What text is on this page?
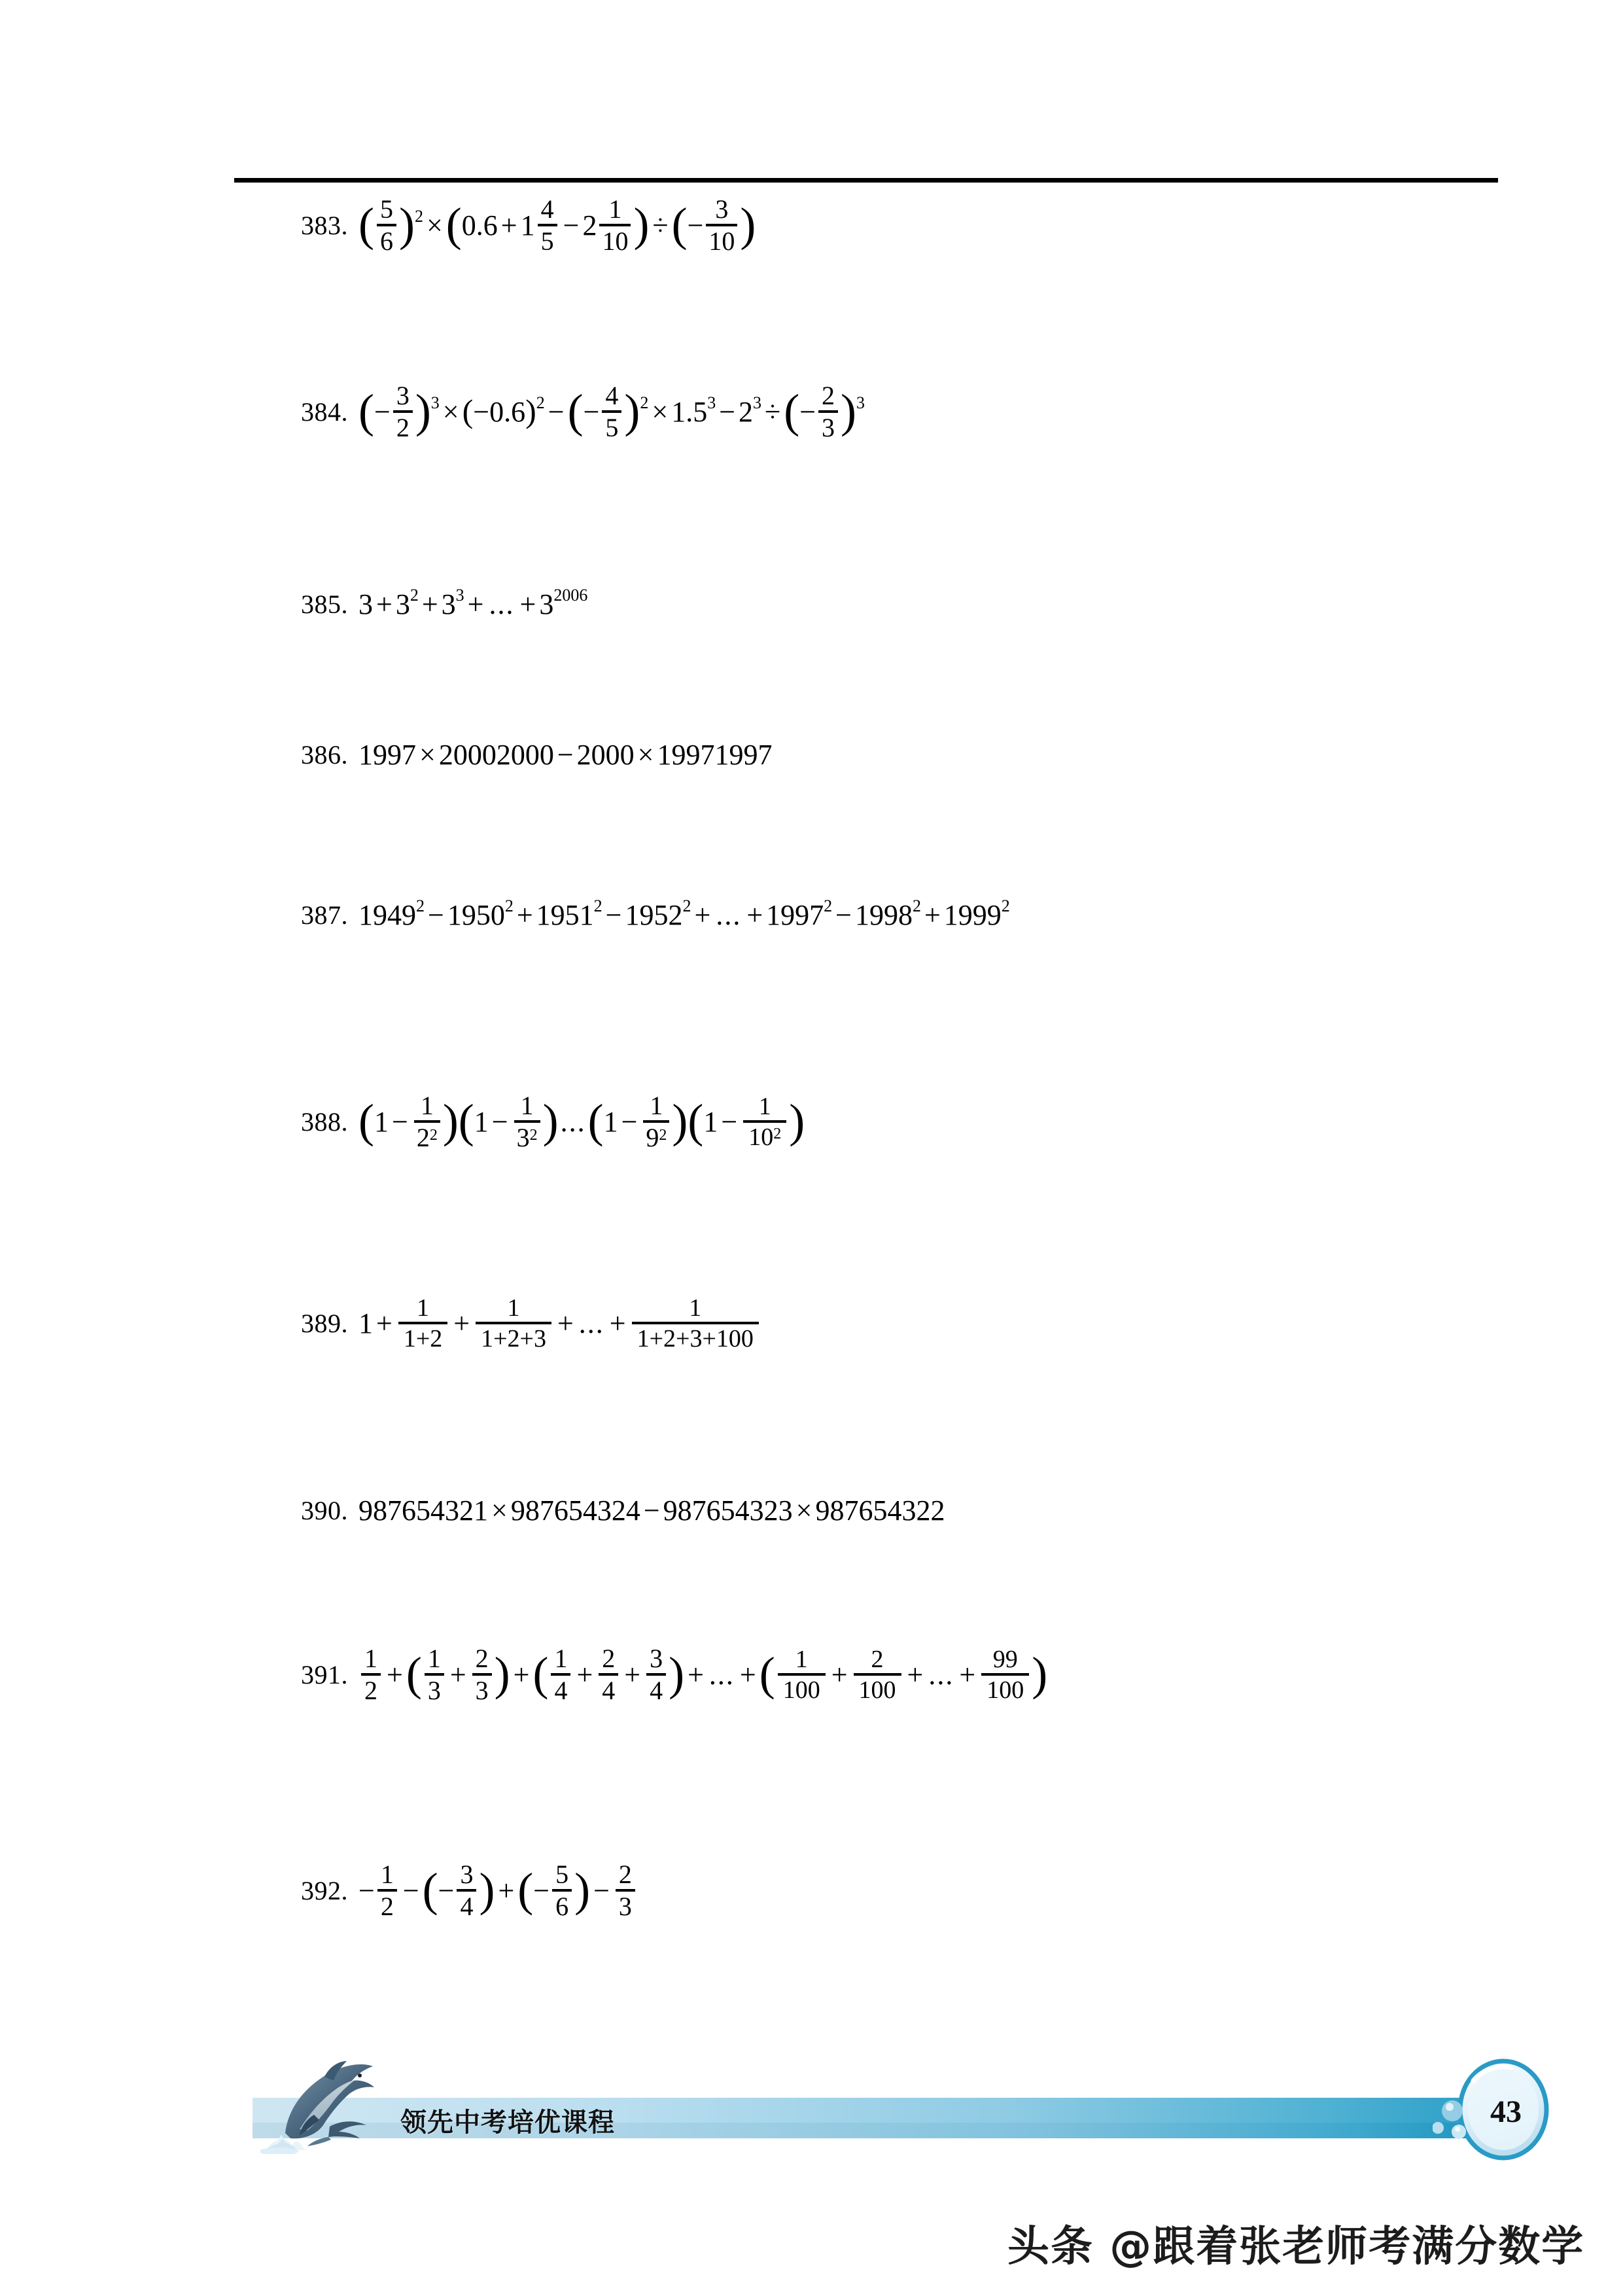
383. ( $\frac{5}{6}$ ) 2 × ( $0.6 + 1 \frac{4}{5} - 2 \frac{1}{10}$ ) ÷ ( − $\frac{3}{10}$ )
384. ( − $\frac{3}{2}$ ) 3 × ( −0.6 ) 2 − ( − $\frac{4}{5}$ ) 2 × 1.5 3 − 2 3 ÷ ( − $\frac{2}{3}$ ) 3
385. 3 + 3 2 + 3 3 + ... + 3 2006
386. 1997 × 20002000 − 2000 × 19971997
387. 1949 2 − 1950 2 + 1951 2 − 1952 2 + ... + 1997 2 − 1998 2 + 1999 2
388. ( $1 - \frac{1}{22}$ ) ( $1 - \frac{1}{32}$ ) ... ( $1 - \frac{1}{92}$ ) ( $1 - \frac{1}{102}$ )
389. $1 + \frac{1}{1+2} + \frac{1}{1+2+3}$ + ... + $\frac{1}{1+2+3+100}$
390. 987654321 × 987654324 − 987654323 × 987654322
391. $\frac{1}{2}$ + ( $\frac{1}{3} + \frac{2}{3}$ ) + ( $\frac{1}{4} + \frac{2}{4} + \frac{3}{4}$ ) + ... + ( $\frac{1}{100} + \frac{2}{100}$ + ... + $\frac{99}{100}$ )
392. − $\frac{1}{2}$ − ( − $\frac{3}{4}$ ) + ( − $\frac{5}{6}$ ) − $\frac{2}{3}$
领先中考培优课程	43
头条 @跟着张老师考满分数学
